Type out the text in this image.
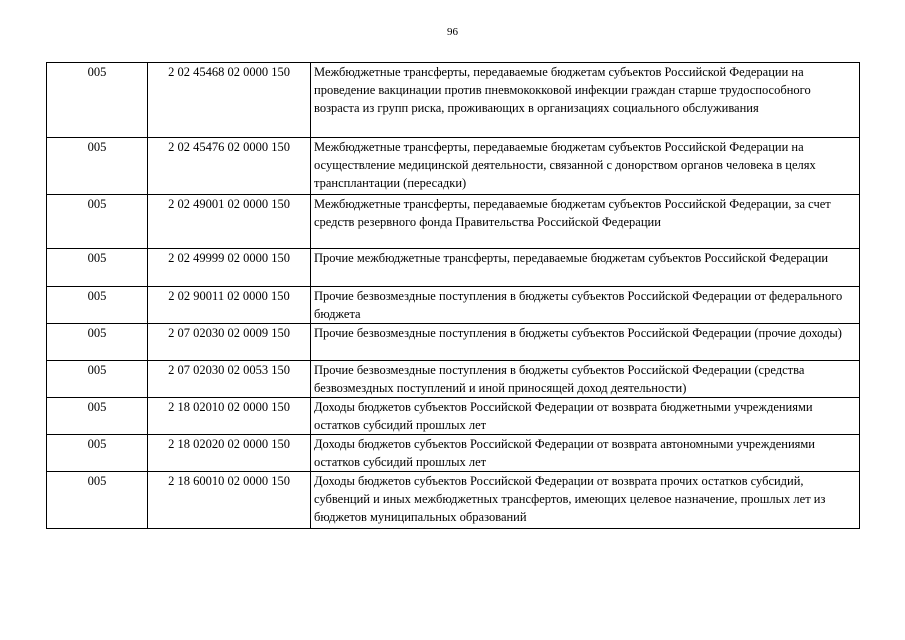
96
005	2 02 45468 02 0000 150	Межбюджетные трансферты, передаваемые бюджетам субъектов Российской Федерации на проведение вакцинации против пневмококковой инфекции граждан старше трудоспособного возраста из групп риска, проживающих в организациях социального обслуживания
005	2 02 45476 02 0000 150	Межбюджетные трансферты, передаваемые бюджетам субъектов Российской Федерации на осуществление медицинской деятельности, связанной с донорством органов человека в целях трансплантации (пересадки)
005	2 02 49001 02 0000 150	Межбюджетные трансферты, передаваемые бюджетам субъектов Российской Федерации, за счет средств резервного фонда Правительства Российской Федерации
005	2 02 49999 02 0000 150	Прочие межбюджетные трансферты, передаваемые бюджетам субъектов Российской Федерации
005	2 02 90011 02 0000 150	Прочие безвозмездные поступления в бюджеты субъектов Российской Федерации от федерального бюджета
005	2 07 02030 02 0009 150	Прочие безвозмездные поступления в бюджеты субъектов Российской Федерации (прочие доходы)
005	2 07 02030 02 0053 150	Прочие безвозмездные поступления в бюджеты субъектов Российской Федерации (средства безвозмездных поступлений и иной приносящей доход деятельности)
005	2 18 02010 02 0000 150	Доходы бюджетов субъектов Российской Федерации от возврата бюджетными учреждениями остатков субсидий прошлых лет
005	2 18 02020 02 0000 150	Доходы бюджетов субъектов Российской Федерации от возврата автономными учреждениями остатков субсидий прошлых лет
005	2 18 60010 02 0000 150	Доходы бюджетов субъектов Российской Федерации от возврата прочих остатков субсидий, субвенций и иных межбюджетных трансфертов, имеющих целевое назначение, прошлых лет из бюджетов муниципальных образований
